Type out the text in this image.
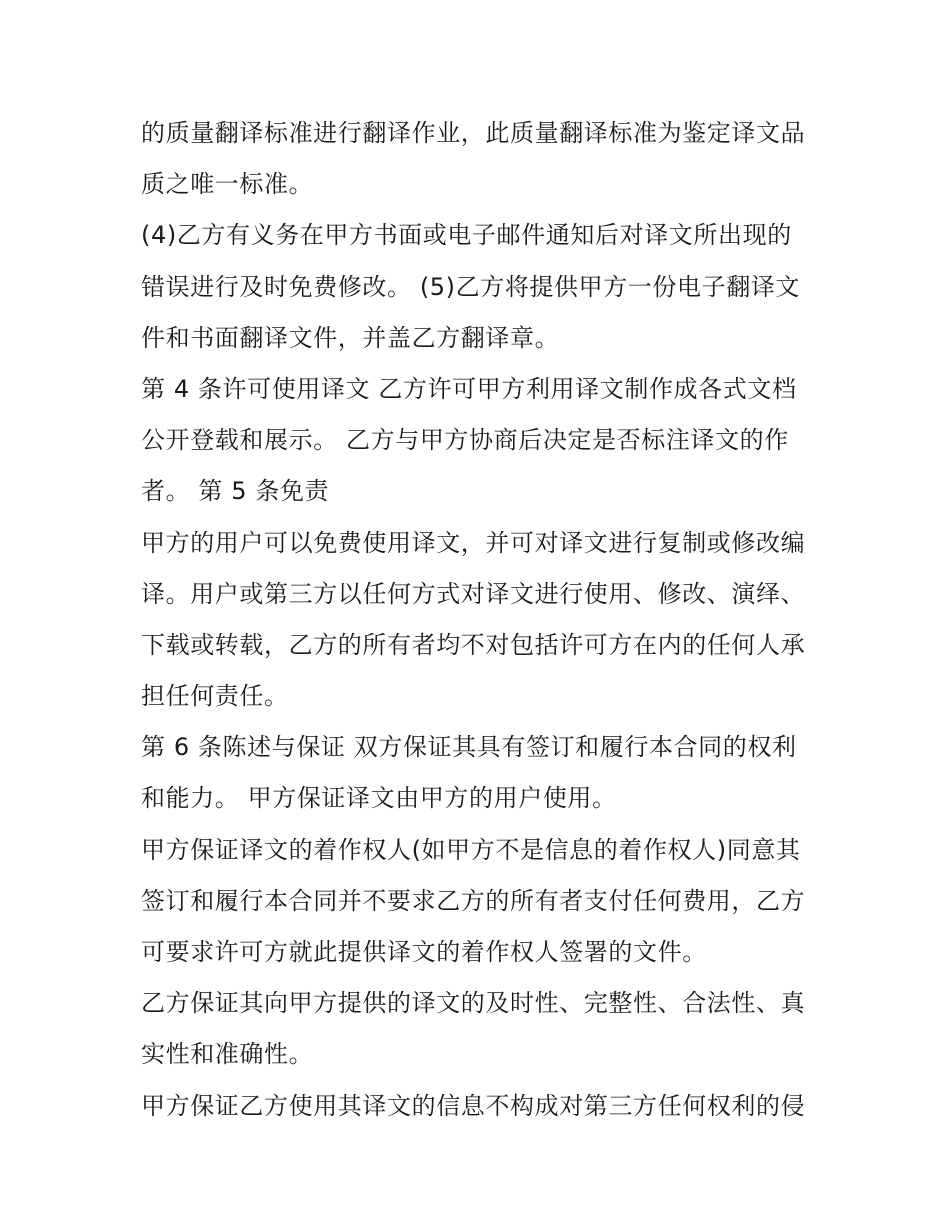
的质量翻译标准进行翻译作业，此质量翻译标准为鉴定译文品
质之唯一标准。
(4)乙方有义务在甲方书面或电子邮件通知后对译文所出现的
错误进行及时免费修改。 (5)乙方将提供甲方一份电子翻译文
件和书面翻译文件，并盖乙方翻译章。
第 4 条许可使用译文 乙方许可甲方利用译文制作成各式文档
公开登载和展示。 乙方与甲方协商后决定是否标注译文的作
者。 第 5 条免责
甲方的用户可以免费使用译文，并可对译文进行复制或修改编
译。用户或第三方以任何方式对译文进行使用、修改、演绎、
下载或转载，乙方的所有者均不对包括许可方在内的任何人承
担任何责任。
第 6 条陈述与保证 双方保证其具有签订和履行本合同的权利
和能力。 甲方保证译文由甲方的用户使用。
甲方保证译文的着作权人(如甲方不是信息的着作权人)同意其
签订和履行本合同并不要求乙方的所有者支付任何费用，乙方
可要求许可方就此提供译文的着作权人签署的文件。
乙方保证其向甲方提供的译文的及时性、完整性、合法性、真
实性和准确性。
甲方保证乙方使用其译文的信息不构成对第三方任何权利的侵
